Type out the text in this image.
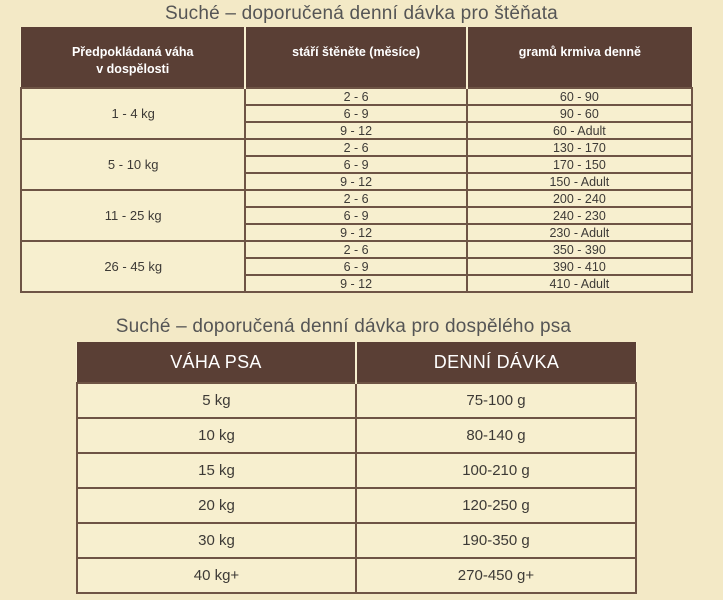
Suché – doporučená denní dávka pro štěňata
Předpokládaná váha
v dospělosti	stáří štěněte (měsíce)	gramů krmiva denně
1 - 4 kg	2 - 6	60 - 90
	6 - 9	90 - 60
	9 - 12	60 - Adult
5 - 10 kg	2 - 6	130 - 170
	6 - 9	170 - 150
	9 - 12	150 - Adult
11 - 25 kg	2 - 6	200 - 240
	6 - 9	240 - 230
	9 - 12	230 - Adult
26 - 45 kg	2 - 6	350 - 390
	6 - 9	390 - 410
	9 - 12	410 - Adult
Suché – doporučená denní dávka pro dospělého psa
VÁHA PSA	DENNÍ DÁVKA
5 kg	75-100 g
10 kg	80-140 g
15 kg	100-210 g
20 kg	120-250 g
30 kg	190-350 g
40 kg+	270-450 g+
